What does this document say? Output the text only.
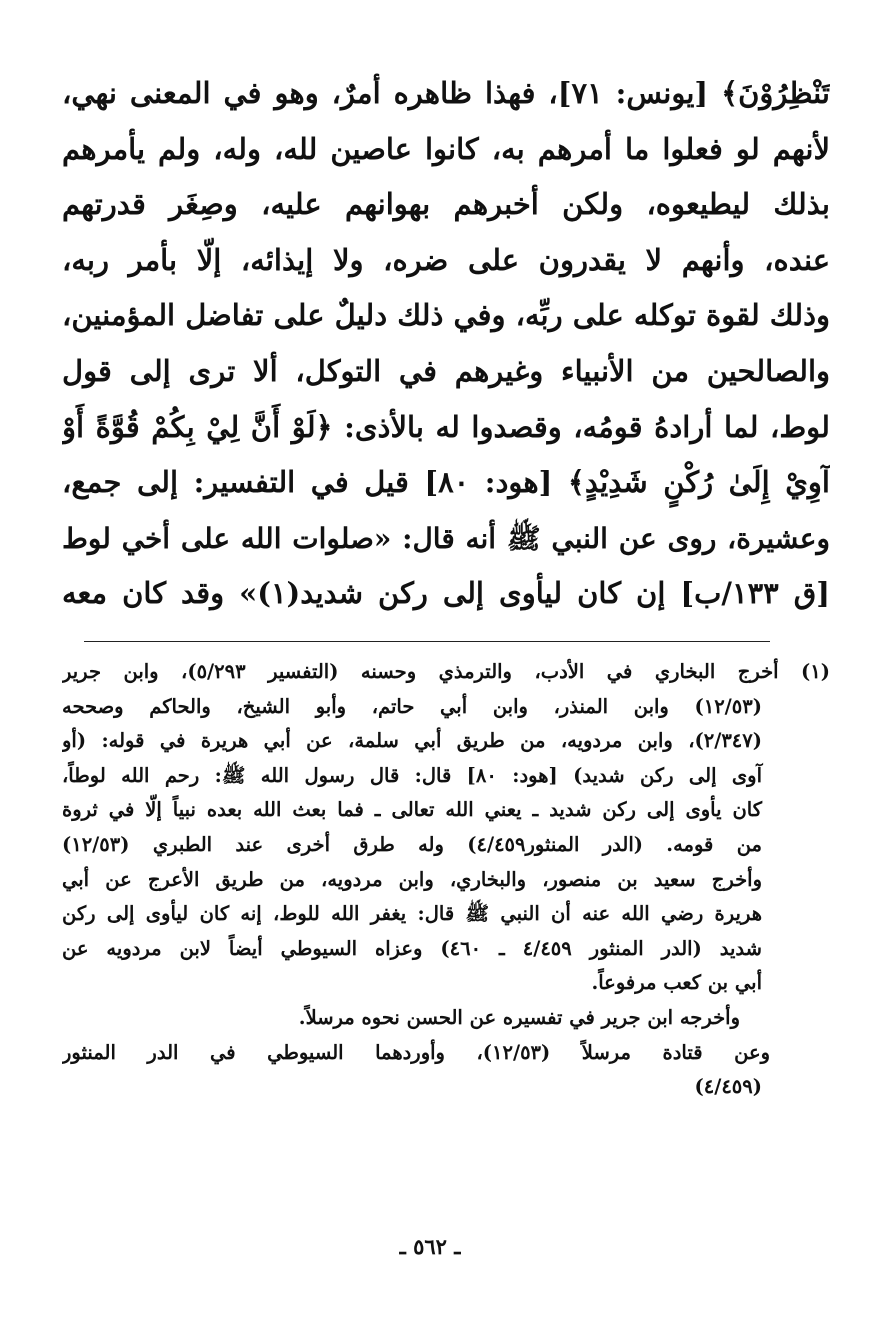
تَنْظِرُوْنَ﴾ [يونس: ٧١]، فهذا ظاهره أمرٌ، وهو في المعنى نهي،
لأنهم لو فعلوا ما أمرهم به، كانوا عاصين لله، وله، ولم يأمرهم
بذلك ليطيعوه، ولكن أخبرهم بهوانهم عليه، وصِغَر قدرتهم
عنده، وأنهم لا يقدرون على ضره، ولا إيذائه، إلّا بأمر ربه،
وذلك لقوة توكله على ربِّه، وفي ذلك دليلٌ على تفاضل المؤمنين،
والصالحين من الأنبياء وغيرهم في التوكل، ألا ترى إلى قول
لوط، لما أرادهُ قومُه، وقصدوا له بالأذى: ﴿لَوْ أَنَّ لِيْ بِكُمْ قُوَّةً أَوْ
آوِيْ إِلَىٰ رُكْنٍ شَدِيْدٍ﴾ [هود: ٨٠] قيل في التفسير: إلى جمع،
وعشيرة، روى عن النبي ﷺ أنه قال: «صلوات الله على أخي لوط
[ق ١٣٣/ب] إن كان ليأوى إلى ركن شديد(١)» وقد كان معه
(١) أخرج البخاري في الأدب، والترمذي وحسنه (التفسير ٥/٢٩٣)، وابن جرير
(١٢/٥٣) وابن المنذر، وابن أبي حاتم، وأبو الشيخ، والحاكم وصححه
(٢/٣٤٧)، وابن مردويه، من طريق أبي سلمة، عن أبي هريرة في قوله: (أو
آوى إلى ركن شديد) [هود: ٨٠] قال: قال رسول الله ﷺ: رحم الله لوطاً،
كان يأوى إلى ركن شديد ـ يعني الله تعالى ـ فما بعث الله بعده نبياً إلّا في ثروة
من قومه. (الدر المنثور٤/٤٥٩) وله طرق أخرى عند الطبري (١٢/٥٣)
وأخرج سعيد بن منصور، والبخاري، وابن مردويه، من طريق الأعرج عن أبي
هريرة رضي الله عنه أن النبي ﷺ قال: يغفر الله للوط، إنه كان ليأوى إلى ركن
شديد (الدر المنثور ٤/٤٥٩ ـ ٤٦٠) وعزاه السيوطي أيضاً لابن مردويه عن
أبي بن كعب مرفوعاً.
وأخرجه ابن جرير في تفسيره عن الحسن نحوه مرسلاً.
وعن قتادة مرسلاً (١٢/٥٣)، وأوردهما السيوطي في الدر المنثور
(٤/٤٥٩)
ـ ٥٦٢ ـ
